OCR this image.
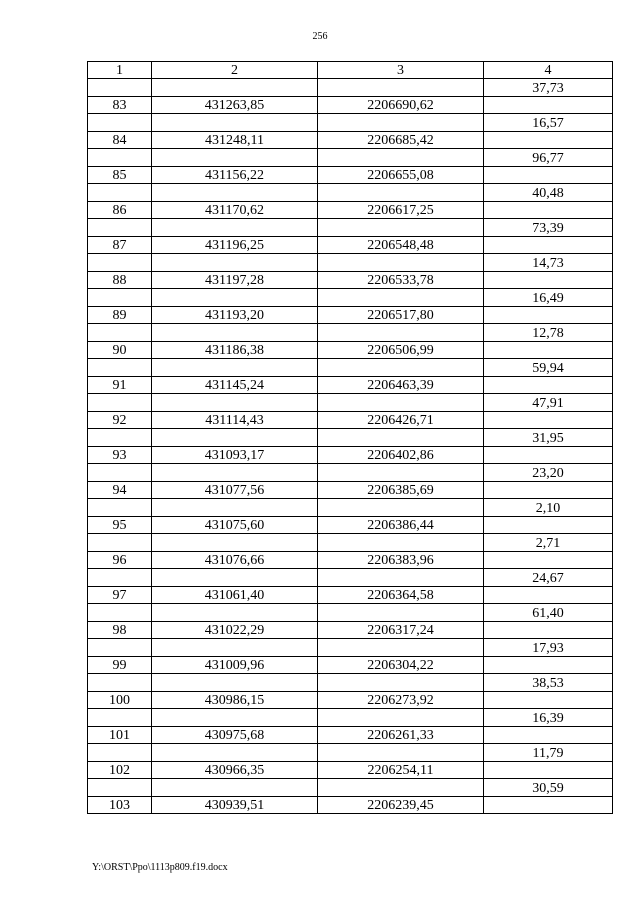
256
1	2	3	4
			37,73
83	431263,85	2206690,62	
			16,57
84	431248,11	2206685,42	
			96,77
85	431156,22	2206655,08	
			40,48
86	431170,62	2206617,25	
			73,39
87	431196,25	2206548,48	
			14,73
88	431197,28	2206533,78	
			16,49
89	431193,20	2206517,80	
			12,78
90	431186,38	2206506,99	
			59,94
91	431145,24	2206463,39	
			47,91
92	431114,43	2206426,71	
			31,95
93	431093,17	2206402,86	
			23,20
94	431077,56	2206385,69	
			2,10
95	431075,60	2206386,44	
			2,71
96	431076,66	2206383,96	
			24,67
97	431061,40	2206364,58	
			61,40
98	431022,29	2206317,24	
			17,93
99	431009,96	2206304,22	
			38,53
100	430986,15	2206273,92	
			16,39
101	430975,68	2206261,33	
			11,79
102	430966,35	2206254,11	
			30,59
103	430939,51	2206239,45	
Y:\ORST\Ppo\1113p809.f19.docx
